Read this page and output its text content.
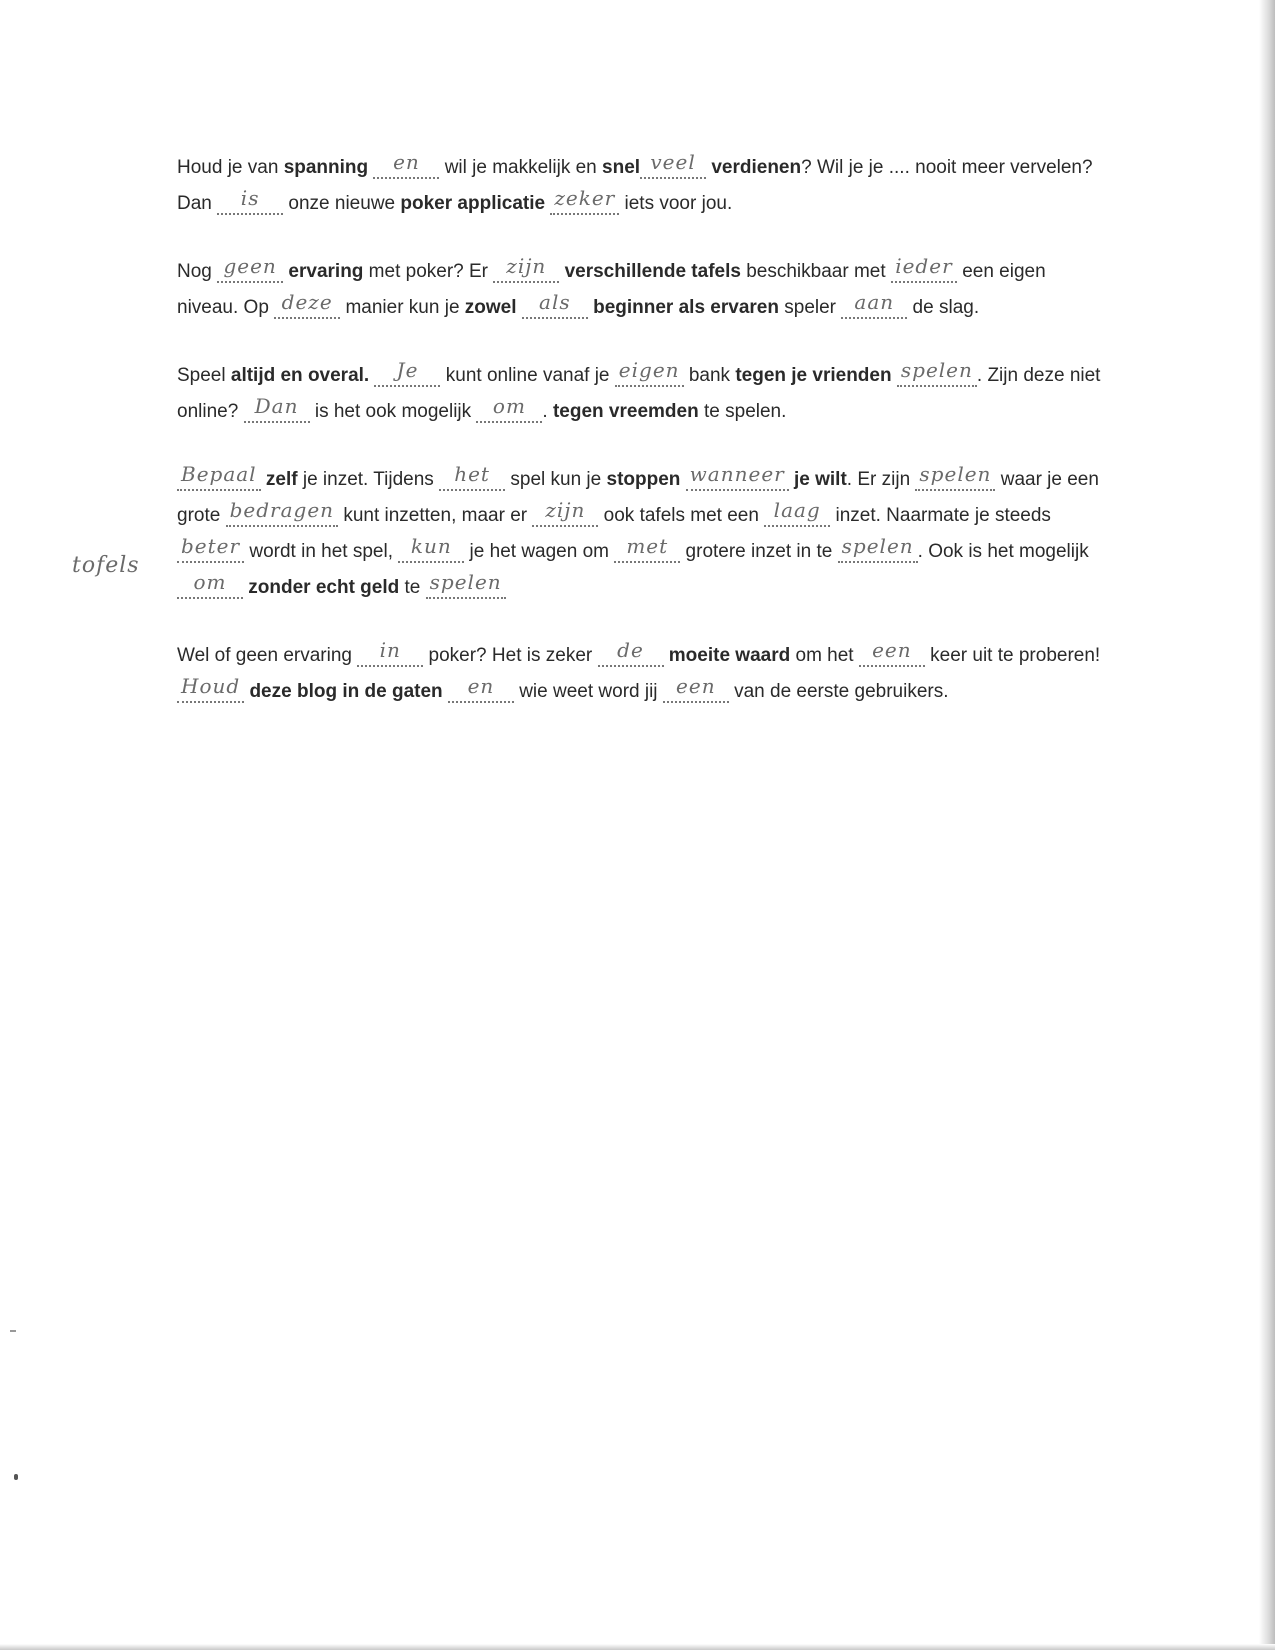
tofels

Houd je van spanning en wil je makkelijk en snel veel verdienen? Wil je je .... nooit meer vervelen? Dan is onze nieuwe poker applicatie zeker iets voor jou.

Nog geen ervaring met poker? Er zijn verschillende tafels beschikbaar met ieder een eigen niveau. Op deze manier kun je zowel als beginner als ervaren speler aan de slag.

Speel altijd en overal. Je kunt online vanaf je eigen bank tegen je vrienden spelen . Zijn deze niet online? Dan is het ook mogelijk om . tegen vreemden te spelen.

Bepaal zelf je inzet. Tijdens het spel kun je stoppen wanneer je wilt. Er zijn spelen waar je een grote bedragen kunt inzetten, maar er zijn ook tafels met een laag inzet. Naarmate je steeds beter wordt in het spel, kun je het wagen om met grotere inzet in te spelen . Ook is het mogelijk om zonder echt geld te spelen

Wel of geen ervaring in poker? Het is zeker de moeite waard om het een keer uit te proberen! Houd deze blog in de gaten en wie weet word jij een van de eerste gebruikers.
